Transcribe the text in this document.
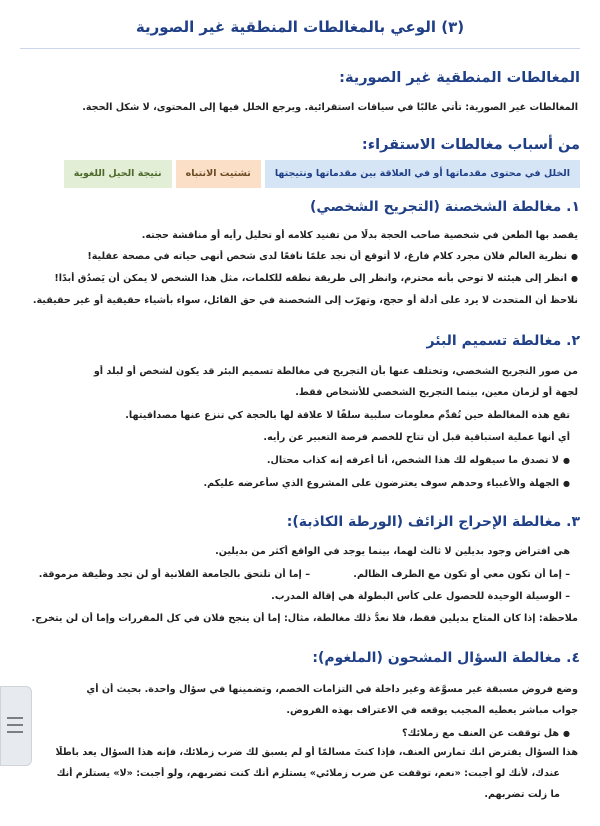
(٣) الوعي بالمغالطات المنطقية غير الصورية
المغالطات المنطقية غير الصورية:
المغالطات غير الصورية: تأتي غالبًا في سياقات استقرائية. ويرجع الخلل فيها إلى المحتوى، لا شكل الحجة.
من أسباب مغالطات الاستقراء:
الخلل في محتوى مقدماتها أو في العلاقة بين مقدماتها ونتيجتها
تشتيت الانتباه
نتيجة الحيل اللغوية
١. مغالطة الشخصنة (التجريح الشخصي)
يقصد بها الطعن في شخصية صاحب الحجة بدلًا من تفنيد كلامه أو تحليل رأيه أو مناقشة حجته.
● نظرية العالم فلان مجرد كلام فارغ، لا أتوقع أن نجد علمًا نافعًا لدى شخص أنهى حياته في مصحة عقلية!
● انظر إلى هيئته لا توحي بأنه محترم، وانظر إلى طريقة نطقه للكلمات، مثل هذا الشخص لا يمكن أن يَصدُق أبدًا!
نلاحظ أن المتحدث لا يرد على أدلة أو حجج، وتهرّب إلى الشخصنة في حق القائل، سواء بأشياء حقيقية أو غير حقيقية.
٢. مغالطة تسميم البئر
من صور التجريح الشخصي، وتختلف عنها بأن التجريح في مغالطة تسميم البئر قد يكون لشخص أو لبلد أو
لجهة أو لزمان معين، بينما التجريح الشخصي للأشخاص فقط.
تقع هذه المغالطة حين تُقدِّم معلومات سلبية سلفًا لا علاقة لها بالحجة كي تنزع عنها مصداقيتها.
أي أنها عملية استباقية قبل أن تتاح للخصم فرصة التعبير عن رأيه.
● لا تصدق ما سيقوله لك هذا الشخص، أنا أعرفه إنه كذاب محتال.
● الجهلة والأغبياء وحدهم سوف يعترضون على المشروع الذي سأعرضه عليكم.
٣. مغالطة الإحراج الزائف (الورطة الكاذبة):
هي افتراض وجود بديلين لا ثالث لهما، بينما يوجد في الواقع أكثر من بديلين.
– إما أن تكون معي أو تكون مع الطرف الظالم.
– إما أن تلتحق بالجامعة الفلانية أو لن تجد وظيفة مرموقة.
– الوسيلة الوحيدة للحصول على كأس البطولة هي إقالة المدرب.
ملاحظة: إذا كان المتاح بديلين فقط، فلا نعدُّ ذلك مغالطة، مثال: إما أن ينجح فلان في كل المقررات وإما أن لن يتخرج.
٤. مغالطة السؤال المشحون (الملغوم):
وضع فروض مسبقة غير مسوَّغة وغير داخلة في التزامات الخصم، وتضمينها في سؤال واحدة. بحيث أن أي
جواب مباشر يعطيه المجيب يوقعه في الاعتراف بهذه الفروض.
● هل توقفت عن العنف مع زملائك؟
هذا السؤال يفترض انك تمارس العنف، فإذا كنتَ مسالمًا أو لم يسبق لك ضرب زملائك، فإنه هذا السؤال يعد باطلًا
عندك، لأنك لو أجبت: «نعم، توقفت عن ضرب زملائي» يستلزم أنك كنت تضربهم، ولو أجبت: «لا» يستلزم أنك
ما زلت تضربهم.
